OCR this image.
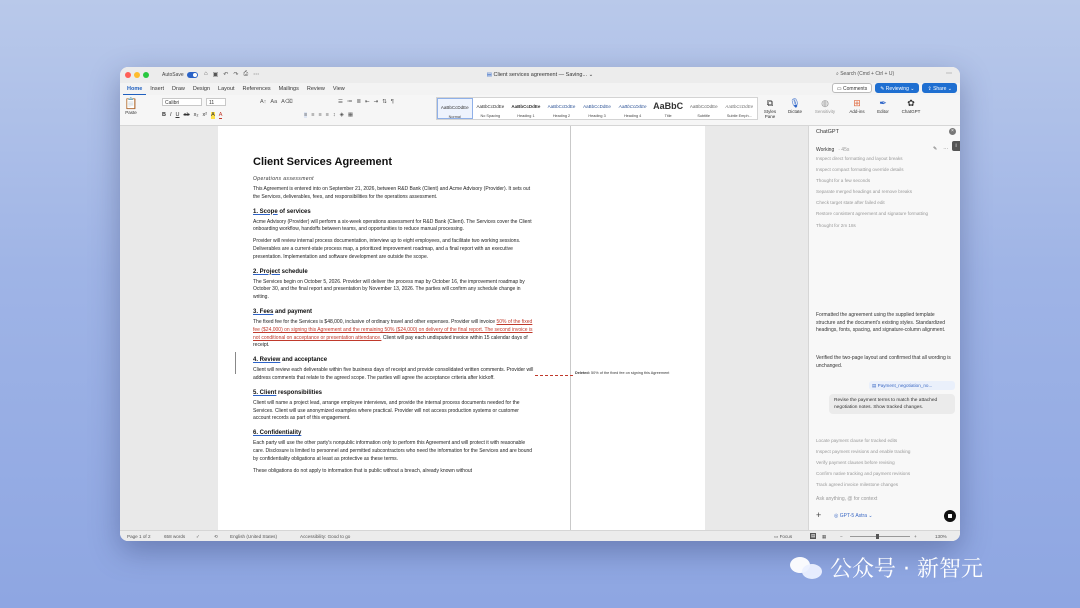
AutoSave	⌂ ▣ ↶ ↷ ⎙ ⋯	▤ Client services agreement — Saving... ⌄	⌕ Search (Cmd + Ctrl + U)	⋯
Home	Insert	Draw	Design	Layout	References	Mailings	Review	View	▭ Comments	✎ Reviewing ⌄	⇪ Share ⌄
📋
Paste
Calibri	11
B I U ab x₂ x² A A
A↑ Aa A⌫	☰ ≔ ≣ ⇤ ⇥ ⇅ ¶
≡ ≡ ≡ ≡ ↕ ◈ ▦
AaBbCcDdEe
Normal
AaBbCcDdEe
No Spacing
AaBbCcDdEe
Heading 1
AaBbCcDdEe
Heading 2
AaBbCcDdEe
Heading 3
AaBbCcDdEe
Heading 4
AaBbC
Title
AaBbCcDdEe
Subtitle
AaBbCcDdEe
Subtle Emph...
⧉
Styles Pane
🎙
Dictate
◍
Sensitivity
⊞
Add-ins
✒
Editor
✿
ChatGPT
Deleted: 50% of the fixed fee on signing this Agreement
Client Services Agreement
Operations assessment
This Agreement is entered into on September 21, 2026, between R&D Bank (Client) and Acme Advisory (Provider). It sets out the Services, deliverables, fees, and responsibilities for the operations assessment.
1. Scope of services
Acme Advisory (Provider) will perform a six-week operations assessment for R&D Bank (Client). The Services cover the Client onboarding workflow, handoffs between teams, and opportunities to reduce manual processing.
Provider will review internal process documentation, interview up to eight employees, and facilitate two working sessions. Deliverables are a current-state process map, a prioritized improvement roadmap, and a final report with an executive presentation. Implementation and software development are outside the scope.
2. Project schedule
The Services begin on October 5, 2026. Provider will deliver the process map by October 16, the improvement roadmap by October 30, and the final report and presentation by November 13, 2026. The parties will confirm any schedule change in writing.
3. Fees and payment
The fixed fee for the Services is $48,000, inclusive of ordinary travel and other expenses. Provider will invoice 50% of the fixed fee ($24,000) on signing this Agreement and the remaining 50% ($24,000) on delivery of the final report. The second invoice is not conditional on acceptance or presentation attendance. Client will pay each undisputed invoice within 15 calendar days of receipt.
4. Review and acceptance
Client will review each deliverable within five business days of receipt and provide consolidated written comments. Provider will address comments that relate to the agreed scope. The parties will agree the acceptance criteria after kickoff.
5. Client responsibilities
Client will name a project lead, arrange employee interviews, and provide the internal process documents needed for the Services. Client will use anonymized examples where practical. Provider will not access production systems or customer account records as part of this engagement.
6. Confidentiality
Each party will use the other party's nonpublic information only to perform this Agreement and will protect it with reasonable care. Disclosure is limited to personnel and permitted subcontractors who need the information for the Services and are bound by confidentiality obligations at least as protective as these terms.
These obligations do not apply to information that is public without a breach, already known without
ChatGPT	×
i
Working · 45s	✎ ⋯
Inspect direct formatting and layout breaks
Inspect compact formatting override details
Thought for a few seconds
Separate merged headings and remove breaks
Check target state after failed edit
Restore consistent agreement and signature formatting
Thought for 2m 18s
Formatted the agreement using the supplied template structure and the document's existing styles. Standardized headings, fonts, spacing, and signature-column alignment.
Verified the two-page layout and confirmed that all wording is unchanged.
▤ Payment_negotiation_no...
Revise the payment terms to match the attached negotiation notes. Show tracked changes.
Locate payment clause for tracked edits
Inspect payment revisions and enable tracking
Verify payment clauses before revising
Confirm native tracking and payment revisions
Track agreed invoice milestone changes
Ask anything, @ for context
+	◎ GPT-5 Astra ⌄
Page 1 of 2	658 words ✓	⟲	English (United States)	Accessibility: Good to go	▭ Focus	▤ ▦	−	+	130%
公众号 · 新智元
